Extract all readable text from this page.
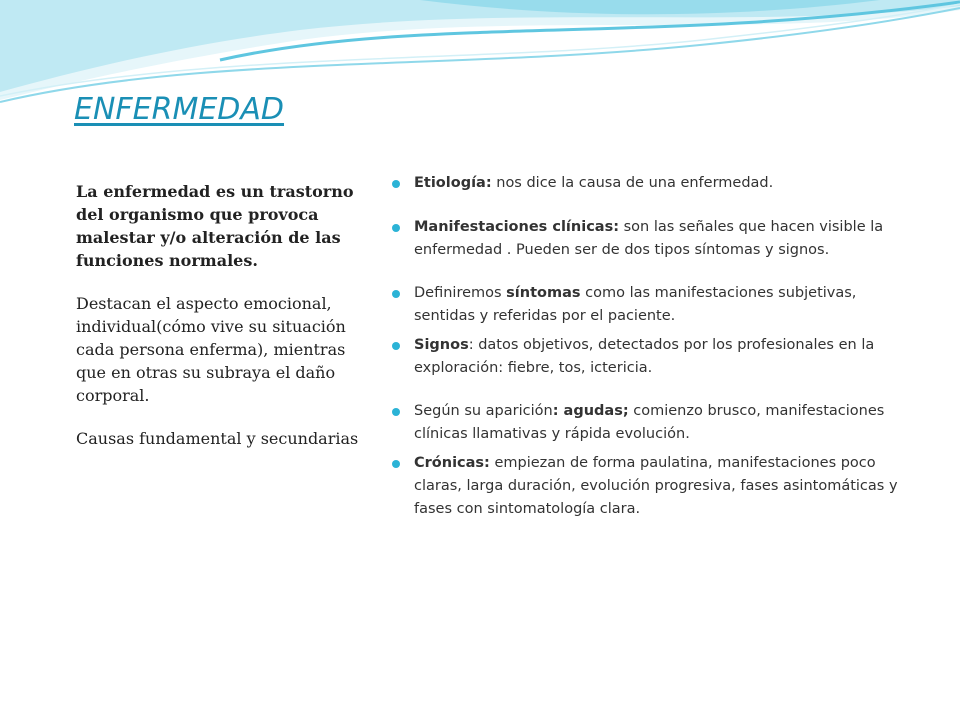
ENFERMEDAD

La enfermedad es un trastorno del organismo que provoca malestar y/o alteración de las funciones normales.

Destacan el aspecto emocional, individual(cómo vive su situación cada persona enferma), mientras que en otras su subraya el daño corporal.

Causas fundamental y secundarias

Etiología: nos dice la causa de una enfermedad.
Manifestaciones clínicas: son las señales que hacen visible la enfermedad . Pueden ser de dos tipos síntomas y signos.
Definiremos síntomas como las manifestaciones subjetivas, sentidas y referidas por el paciente.
Signos: datos objetivos, detectados por los profesionales en la exploración: fiebre, tos, ictericia.
Según su aparición: agudas; comienzo brusco, manifestaciones clínicas llamativas y rápida evolución.
Crónicas: empiezan de forma paulatina, manifestaciones poco claras, larga duración, evolución progresiva, fases asintomáticas y fases con sintomatología clara.
